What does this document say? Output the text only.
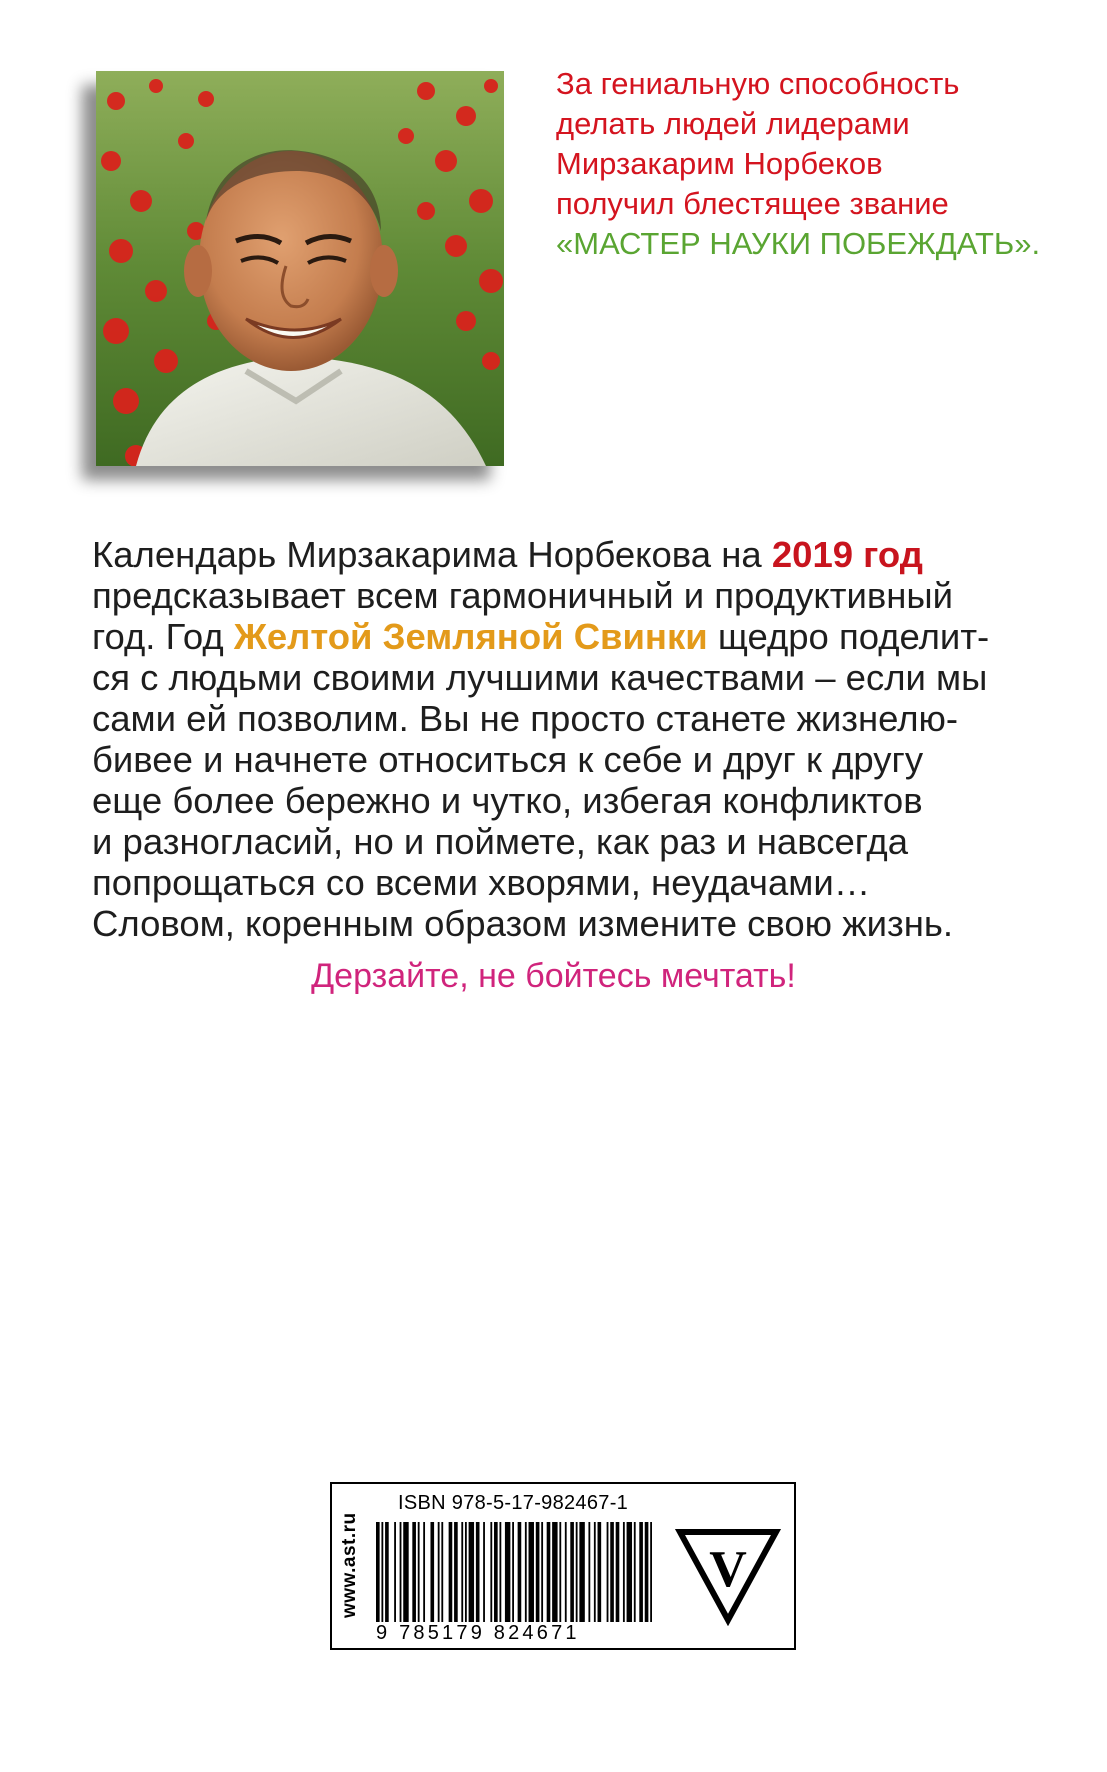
За гениальную способность
делать людей лидерами
Мирзакарим Норбеков
получил блестящее звание
«МАСТЕР НАУКИ ПОБЕЖДАТЬ».
Календарь Мирзакарима Норбекова на 2019 год
предсказывает всем гармоничный и продуктивный
год. Год Желтой Земляной Свинки щедро поделит-
ся с людьми своими лучшими качествами – если мы
сами ей позволим. Вы не просто станете жизнелю-
бивее и начнете относиться к себе и друг к другу
еще более бережно и чутко, избегая конфликтов
и разногласий, но и поймете, как раз и навсегда
попрощаться со всеми хворями, неудачами…
Словом, коренным образом измените свою жизнь.
Дерзайте, не бойтесь мечтать!
www.ast.ru
ISBN 978-5-17-982467-1
9 785179 824671
V
